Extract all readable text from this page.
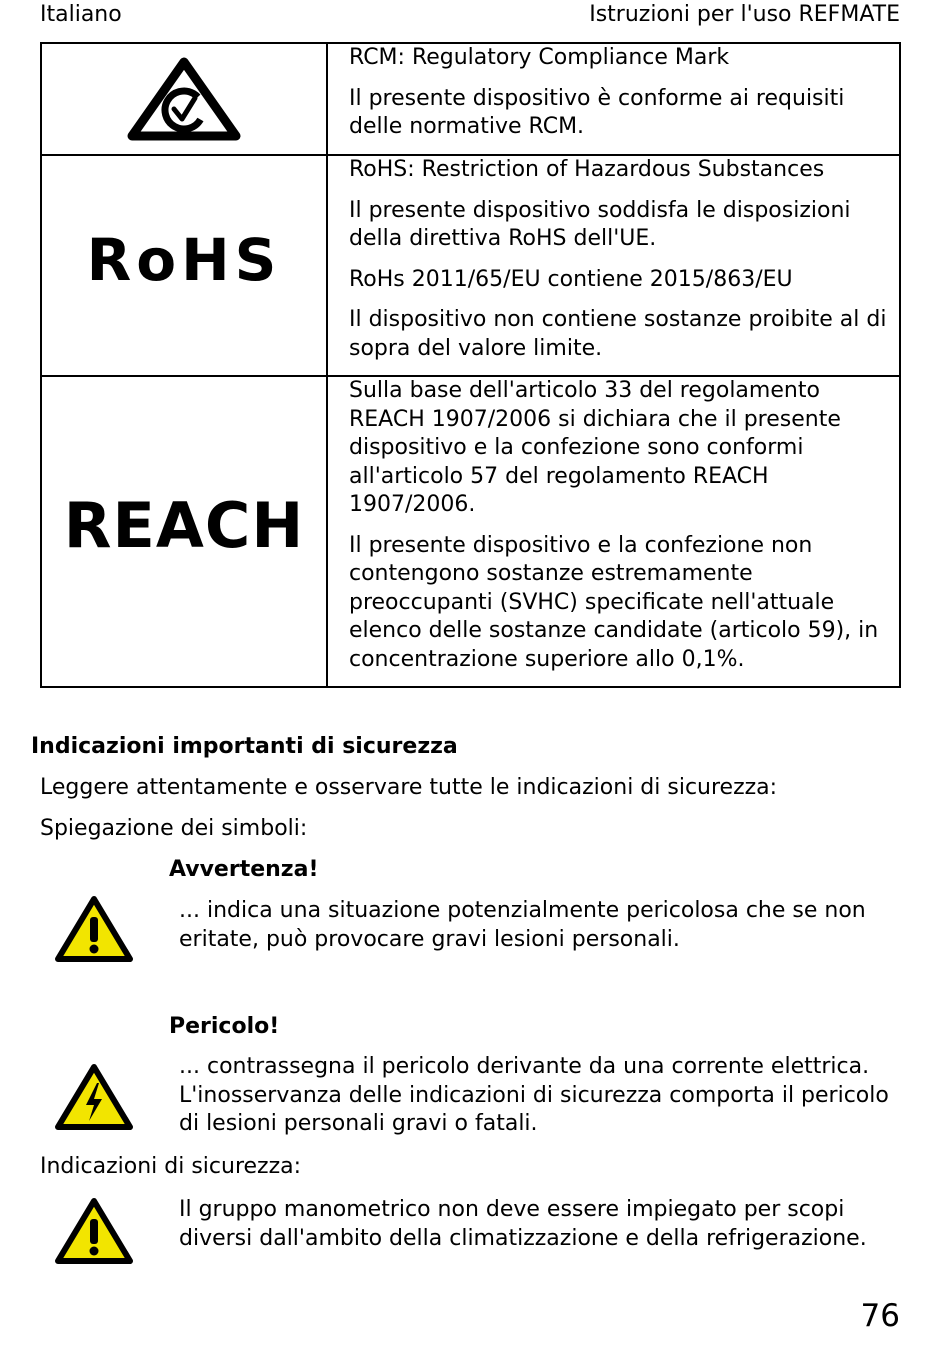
Italiano	Istruzioni per l'uso REFMATE

RCM: Regulatory Compliance Mark

Il presente dispositivo è conforme ai requisiti delle normative RCM.

RoHS	RoHS: Restriction of Hazardous Substances

Il presente dispositivo soddisfa le disposizioni della direttiva RoHS dell'UE.

RoHs 2011/65/EU contiene 2015/863/EU

Il dispositivo non contiene sostanze proibite al di sopra del valore limite.

REACH	Sulla base dell'articolo 33 del regolamento REACH 1907/2006 si dichiara che il presente dispositivo e la confezione sono conformi all'articolo 57 del regolamento REACH 1907/2006.

Il presente dispositivo e la confezione non contengono sostanze estremamente preoccupanti (SVHC) specificate nell'attuale elenco delle sostanze candidate (articolo 59), in concentrazione superiore allo 0,1%.

Indicazioni importanti di sicurezza
Leggere attentamente e osservare tutte le indicazioni di sicurezza:
Spiegazione dei simboli:
Avvertenza!
... indica una situazione potenzialmente pericolosa che se non eritate, può provocare gravi lesioni personali.
Pericolo!
... contrassegna il pericolo derivante da una corrente elettrica. L'inosservanza delle indicazioni di sicurezza comporta il pericolo di lesioni personali gravi o fatali.
Indicazioni di sicurezza:
Il gruppo manometrico non deve essere impiegato per scopi diversi dall'ambito della climatizzazione e della refrigerazione.
76
